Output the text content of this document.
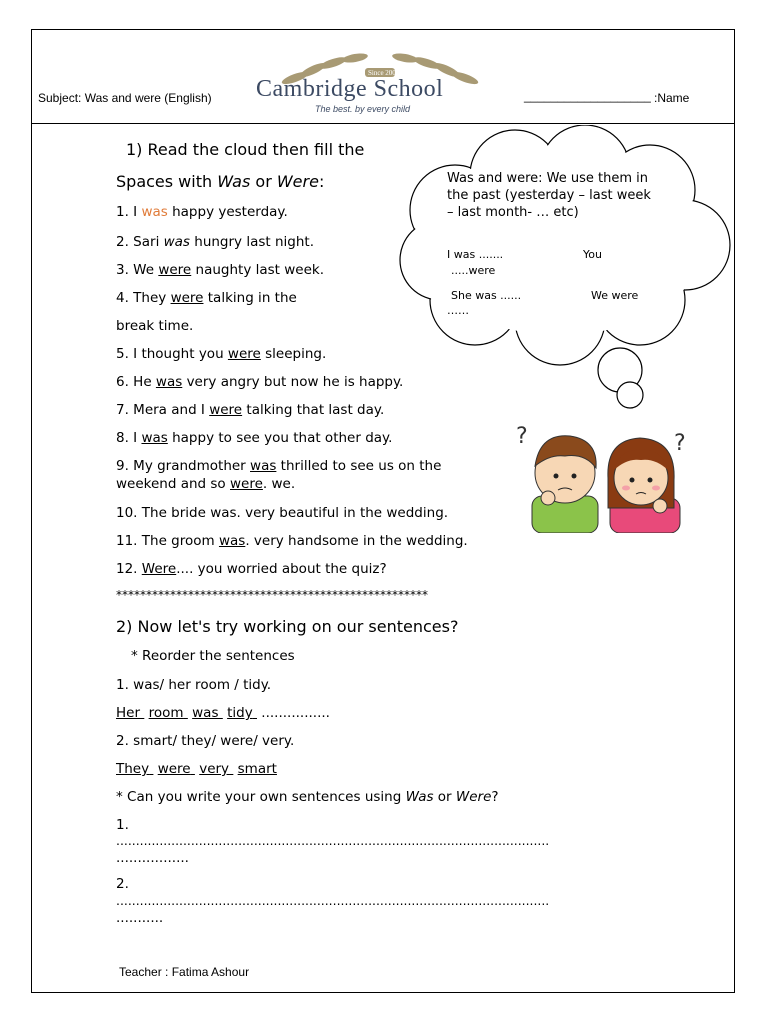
Subject: Was and were (English)
Since 2009
Cambridge School
The best. by every child
___________________ :Name
1) Read the cloud then fill the
Spaces with Was or Were:
1. I was happy yesterday.
2. Sari was hungry last night.
3. We were naughty last week.
4. They were talking in the
break time.
5. I thought you were sleeping.
6. He was very angry but now he is happy.
7. Mera and I were talking that last day.
8. I was happy to see you that other day.
9. My grandmother was thrilled to see us on the
weekend and so were. we.
10. The bride was. very beautiful in the wedding.
11. The groom was. very handsome in the wedding.
12. Were.... you worried about the quiz?
****************************************************
Was and were: We use them in the past (yesterday – last week – last month- … etc)
I was .......	You
.....were
She was ......	We were
……
?	?
2) Now let's try working on our sentences?
* Reorder the sentences
1. was/ her room / tidy.
Her room was tidy ................
2. smart/ they/ were/ very.
They were very smart
* Can you write your own sentences using Was or Were?
1.
..............................................................................................................
.................
2.
..............................................................................................................
...........
Teacher : Fatima Ashour
